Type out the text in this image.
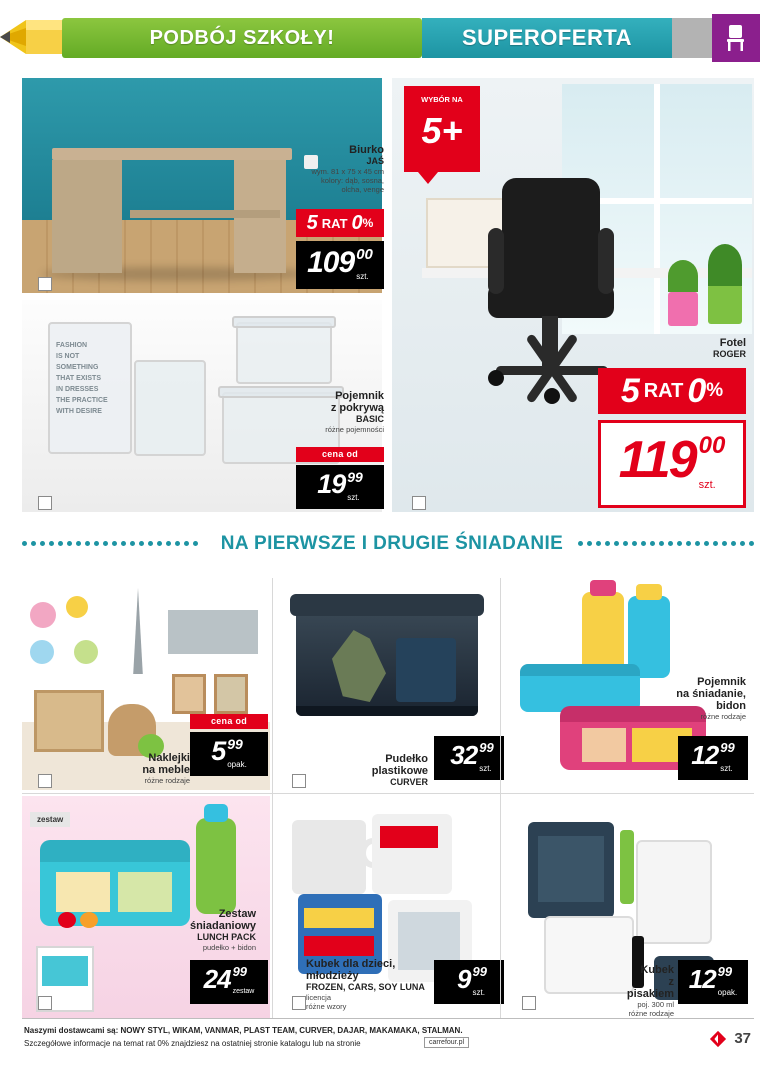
PODBÓJ SZKOŁY!	SUPEROFERTA
Biurko
JAŚ
wym. 81 x 75 x 45 cm
kolory: dąb, sosna,
olcha, venge
5 RAT 0 %
109 00
szt.
FASHION
IS NOT
SOMETHING
THAT EXISTS
IN DRESSES
THE PRACTICE
WITH DESIRE
Pojemnik
z pokrywą
BASIC
różne pojemności
cena od
19 99
szt.
WYBÓR NA
5+
Fotel
ROGER
5 RAT 0 %
119 00
szt.
NA PIERWSZE I DRUGIE ŚNIADANIE
Naklejki
na meble
różne rodzaje
cena od
5 99
opak.	Pudełko
plastikowe
CURVER
32 99
szt.
Pojemnik
na śniadanie,
bidon
różne rodzaje
12 99
szt.
zestaw
Zestaw
śniadaniowy
LUNCH PACK
pudełko + bidon
24 99
zestaw
Kubek dla dzieci,
młodzieży
FROZEN, CARS, SOY LUNA
licencja
różne wzory
9 99
szt.
Kubek
z pisakiem
poj. 300 ml
różne rodzaje
12 99
opak.
Naszymi dostawcami są: NOWY STYL, WIKAM, VANMAR, PLAST TEAM, CURVER, DAJAR, MAKAMAKA, STALMAN.
Szczegółowe informacje na temat rat 0% znajdziesz na ostatniej stronie katalogu lub na stronie	carrefour.pl	37
